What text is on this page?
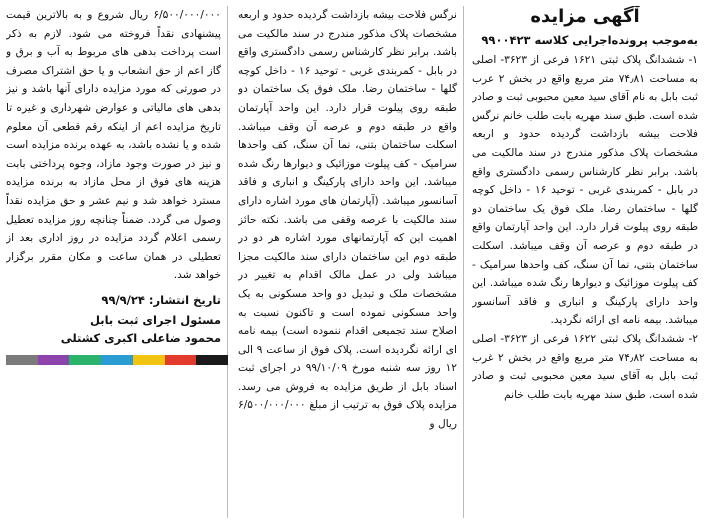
آگهی مزایده
به‌موجب پرونده‌اجرایی کلاسه ۹۹۰۰۴۲۳

۱- ششدانگ پلاک ثبتی ۱۶۲۱ فرعی از ۳۶۲۳- اصلی به مساحت ۷۴٫۸۱ متر مربع واقع در بخش ۲ عرب ثبت بابل به نام آقای سید معین محبوبی ثبت و صادر شده است. طبق سند مهریه بابت طلب خانم نرگس فلاحت بیشه بازداشت گردیده حدود و اربعه مشخصات پلاک مذکور مندرج در سند مالکیت می باشد. برابر نظر کارشناس رسمی دادگستری واقع در بابل - کمربندی غربی - توحید ۱۶ - داخل کوچه گلها - ساختمان رضا. ملک فوق یک ساختمان دو طبقه روی پیلوت قرار دارد. این واحد آپارتمان واقع در طبقه دوم و عرصه آن وقف میباشد. اسکلت ساختمان بتنی، نما آن سنگ، کف واحدها سرامیک - کف پیلوت موزائیک و دیوارها رنگ شده میباشد. این واحد دارای پارکینگ و انباری و فاقد آسانسور میباشد. بیمه نامه ای ارائه نگردید.

۲- ششدانگ پلاک ثبتی ۱۶۲۲ فرعی از ۳۶۲۳- اصلی به مساحت ۷۴٫۸۲ متر مربع واقع در بخش ۲ غرب ثبت بابل به آقای سید معین محبوبی ثبت و صادر شده است. طبق سند مهریه بابت طلب خانم

نرگس فلاحت بیشه بازداشت گردیده حدود و اربعه مشخصات پلاک مذکور مندرج در سند مالکیت می باشد. برابر نظر کارشناس رسمی دادگستری واقع در بابل - کمربندی غربی - توحید ۱۶ - داخل کوچه گلها - ساختمان رضا. ملک فوق یک ساختمان دو طبقه روی پیلوت قرار دارد. این واحد آپارتمان واقع در طبقه دوم و عرصه آن وقف میباشد. اسکلت ساختمان بتنی، نما آن سنگ، کف واحدها سرامیک - کف پیلوت موزائیک و دیوارها رنگ شده میباشد. این واحد دارای پارکینگ و انباری و فاقد آسانسور میباشد. (آپارتمان های مورد اشاره دارای سند مالکیت با عرصه وقفی می باشد. نکته حائز اهمیت این که آپارتمانهای مورد اشاره هر دو در طبقه دوم این ساختمان دارای سند مالکیت مجزا میباشد ولی در عمل مالک اقدام به تغییر در مشخصات ملک و تبدیل دو واحد مسکونی به یک واحد مسکونی نموده است و تاکنون نسبت به اصلاح سند تجمیعی اقدام ننموده است) بیمه نامه ای ارائه نگردیده است. پلاک فوق از ساعت ۹ الی ۱۲ روز سه شنبه مورخ ۹۹/۱۰/۰۹ در اجرای ثبت اسناد بابل از طریق مزایده به فروش می رسد. مزایده پلاک فوق به ترتیب از مبلغ ۶/۵۰۰/۰۰۰/۰۰۰ ریال و

۶/۵۰۰/۰۰۰/۰۰۰ ریال شروع و به بالاترین قیمت پیشنهادی نقداً فروخته می شود. لازم به ذکر است پرداخت بدهی های مربوط به آب و برق و گاز اعم از حق انشعاب و یا حق اشتراک مصرف در صورتی که مورد مزایده دارای آنها باشد و نیز بدهی های مالیاتی و عوارض شهرداری و غیره تا تاریخ مزایده اعم از اینکه رقم قطعی آن معلوم شده و یا نشده باشد، به عهده برنده مزایده است و نیز در صورت وجود مازاد، وجوه پرداختی بابت هزینه های فوق از محل مازاد به برنده مزایده مسترد خواهد شد و نیم عشر و حق مزایده نقداً وصول می گردد. ضمناً چنانچه روز مزایده تعطیل رسمی اعلام گردد مزایده در روز اداری بعد از تعطیلی در همان ساعت و مکان مقرر برگزار خواهد شد.

تاریخ انتشار: ۹۹/۹/۲۴
مسئول اجرای ثبت بابل
محمود ضاعلی اکبری کشتلی
